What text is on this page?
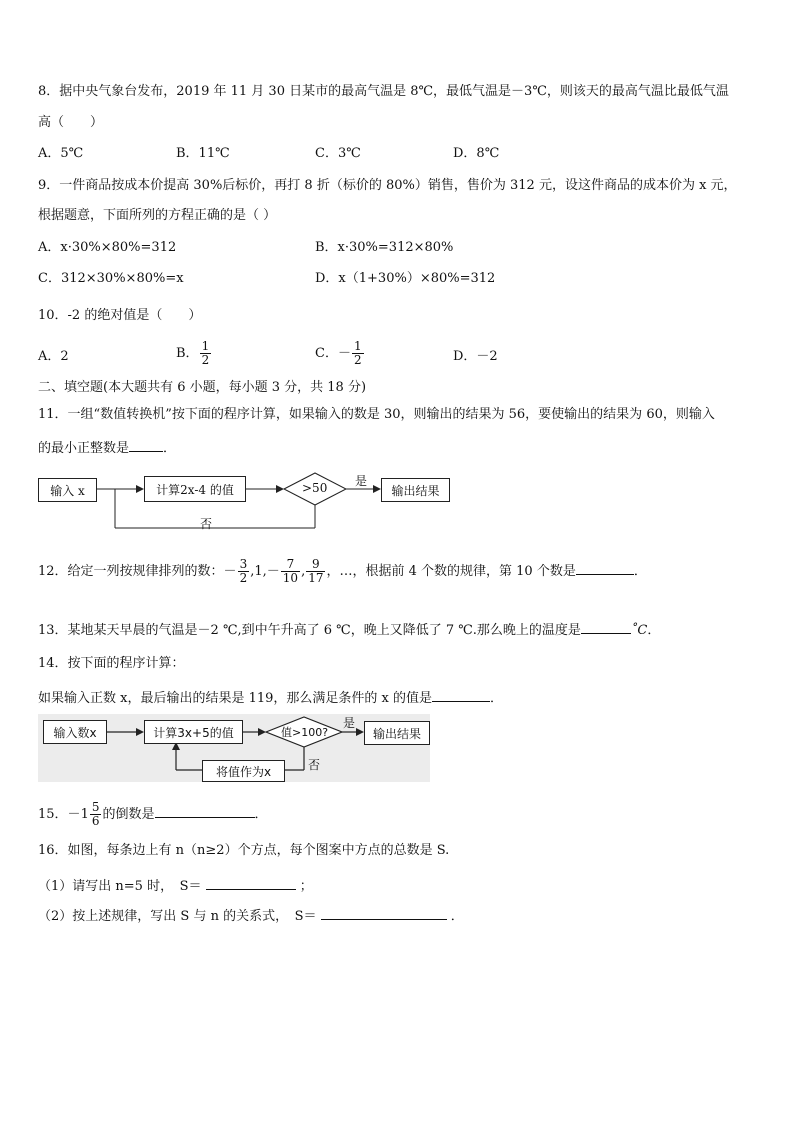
8．据中央气象台发布，2019 年 11 月 30 日某市的最高气温是 8℃，最低气温是－3℃，则该天的最高气温比最低气温
高（　　）
A．5℃	B．11℃	C．3℃	D．8℃
9．一件商品按成本价提高 30%后标价，再打 8 折（标价的 80%）销售，售价为 312 元，设这件商品的成本价为 x 元，
根据题意，下面所列的方程正确的是（ ）
A．x·30%×80%=312	B．x·30%=312×80%
C．312×30%×80%=x	D．x（1+30%）×80%=312
10．-2 的绝对值是（　　）
A．2	B． $\frac{1}{2}$	C．－ $\frac{1}{2}$	D．－2
二、填空题(本大题共有 6 小题，每小题 3 分，共 18 分)
11．一组“数值转换机”按下面的程序计算，如果输入的数是 30，则输出的结果为 56，要使输出的结果为 60，则输入
的最小正整数是	．
输入 x	计算2x-4 的值	>50 是
输出结果
否
12．给定一列按规律排列的数：－ $\frac{3}{2} ,1,- \frac{7}{10}$ , $\frac{9}{17}$ ，…，根据前 4 个数的规律，第 10 个数是	．
13．某地某天早晨的气温是－2 ℃,到中午升高了 6 ℃，晚上又降低了 7 ℃.那么晚上的温度是	˚C．
14．按下面的程序计算：
如果输入正数 x，最后输出的结果是 119，那么满足条件的 x 的值是	．
输入数x	计算3x+5的值	值>100?
是
输出结果
否
将值作为x
15．$-1 \frac{5}{6}$ 的倒数是	．
16．如图，每条边上有 n（n≥2）个方点，每个图案中方点的总数是 S.
（1）请写出 n=5 时，　S＝	；
（2）按上述规律，写出 S 与 n 的关系式，　S＝	．
